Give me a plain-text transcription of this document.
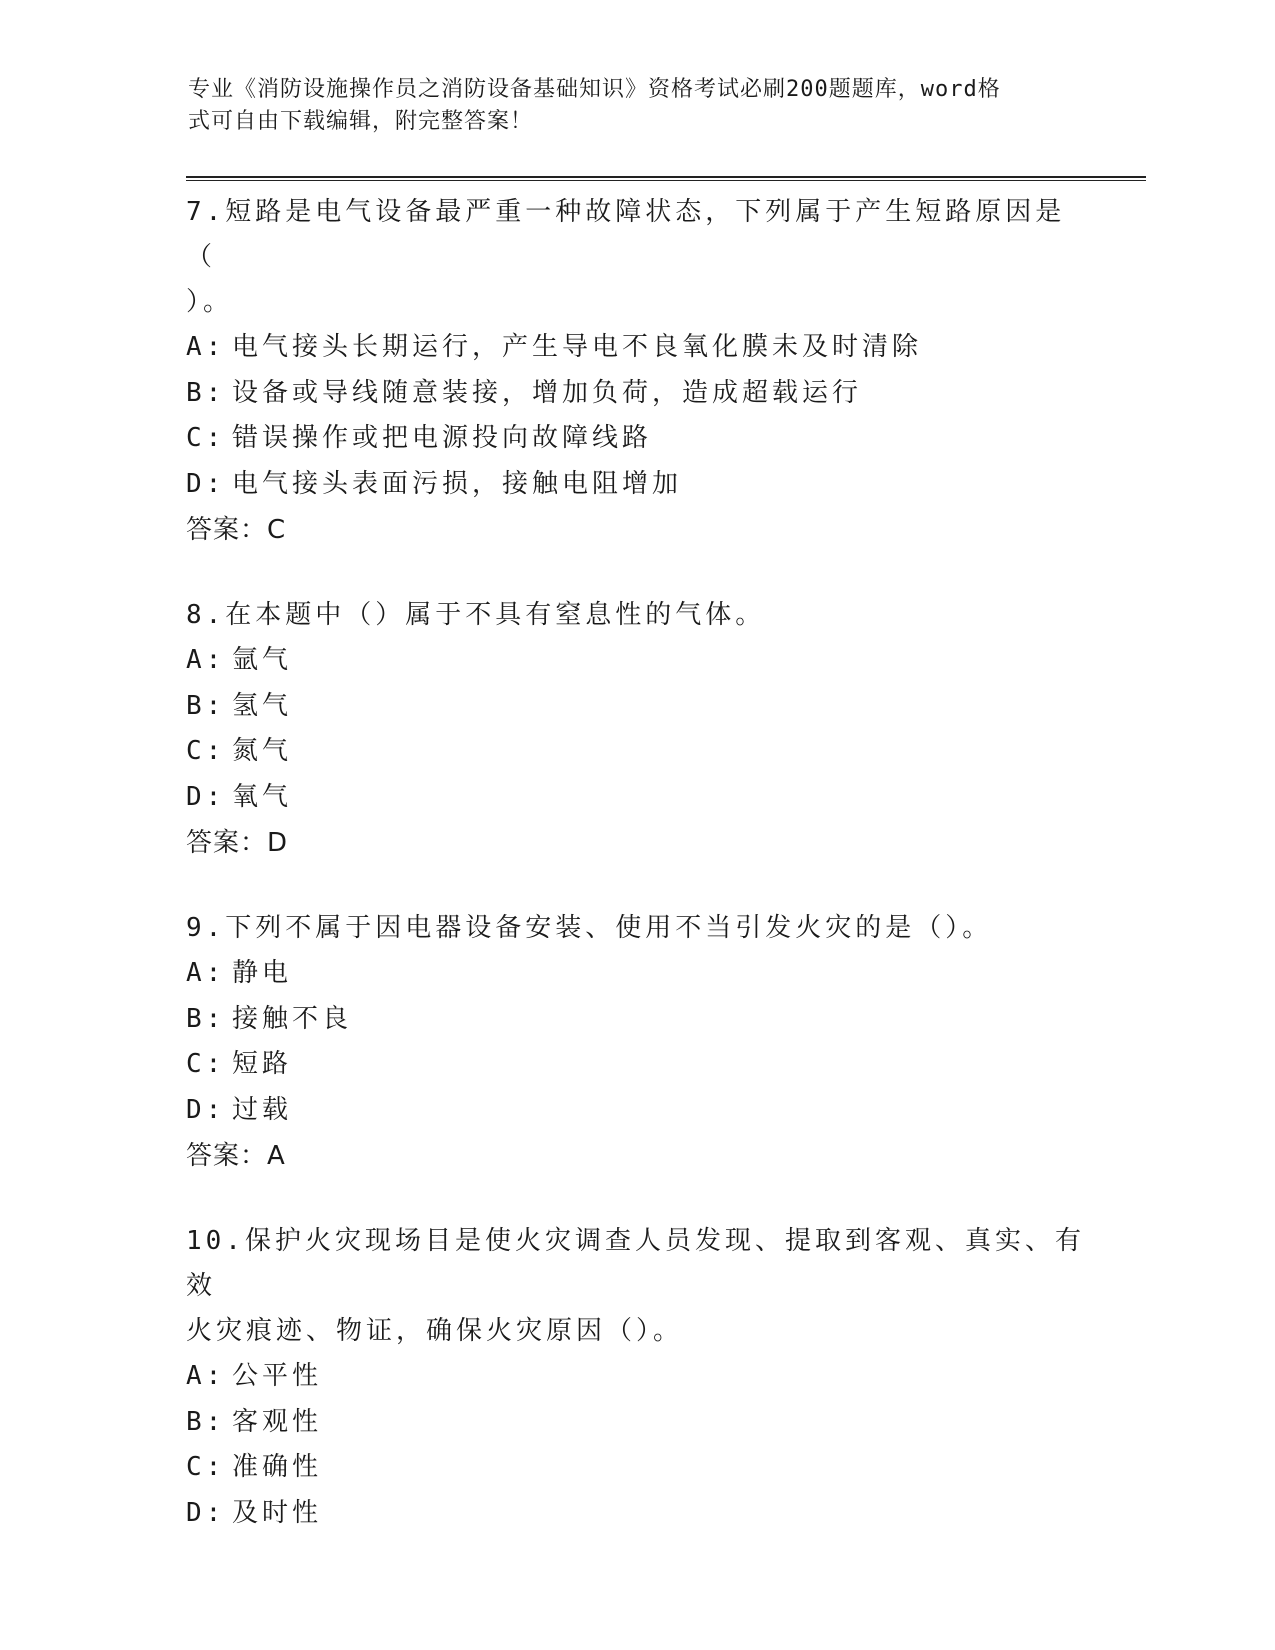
专业《消防设施操作员之消防设备基础知识》资格考试必刷200题题库，word格
式可自由下载编辑，附完整答案！

7.短路是电气设备最严重一种故障状态，下列属于产生短路原因是（
）。

A: 电气接头长期运行，产生导电不良氧化膜未及时清除
B: 设备或导线随意装接，增加负荷，造成超载运行
C: 错误操作或把电源投向故障线路
D: 电气接头表面污损，接触电阻增加
答案：C

8.在本题中（）属于不具有窒息性的气体。

A: 氩气
B: 氢气
C: 氮气
D: 氧气
答案：D

9.下列不属于因电器设备安装、使用不当引发火灾的是（）。

A: 静电
B: 接触不良
C: 短路
D: 过载
答案：A

10.保护火灾现场目是使火灾调查人员发现、提取到客观、真实、有效
火灾痕迹、物证，确保火灾原因（）。

A: 公平性
B: 客观性
C: 准确性
D: 及时性
